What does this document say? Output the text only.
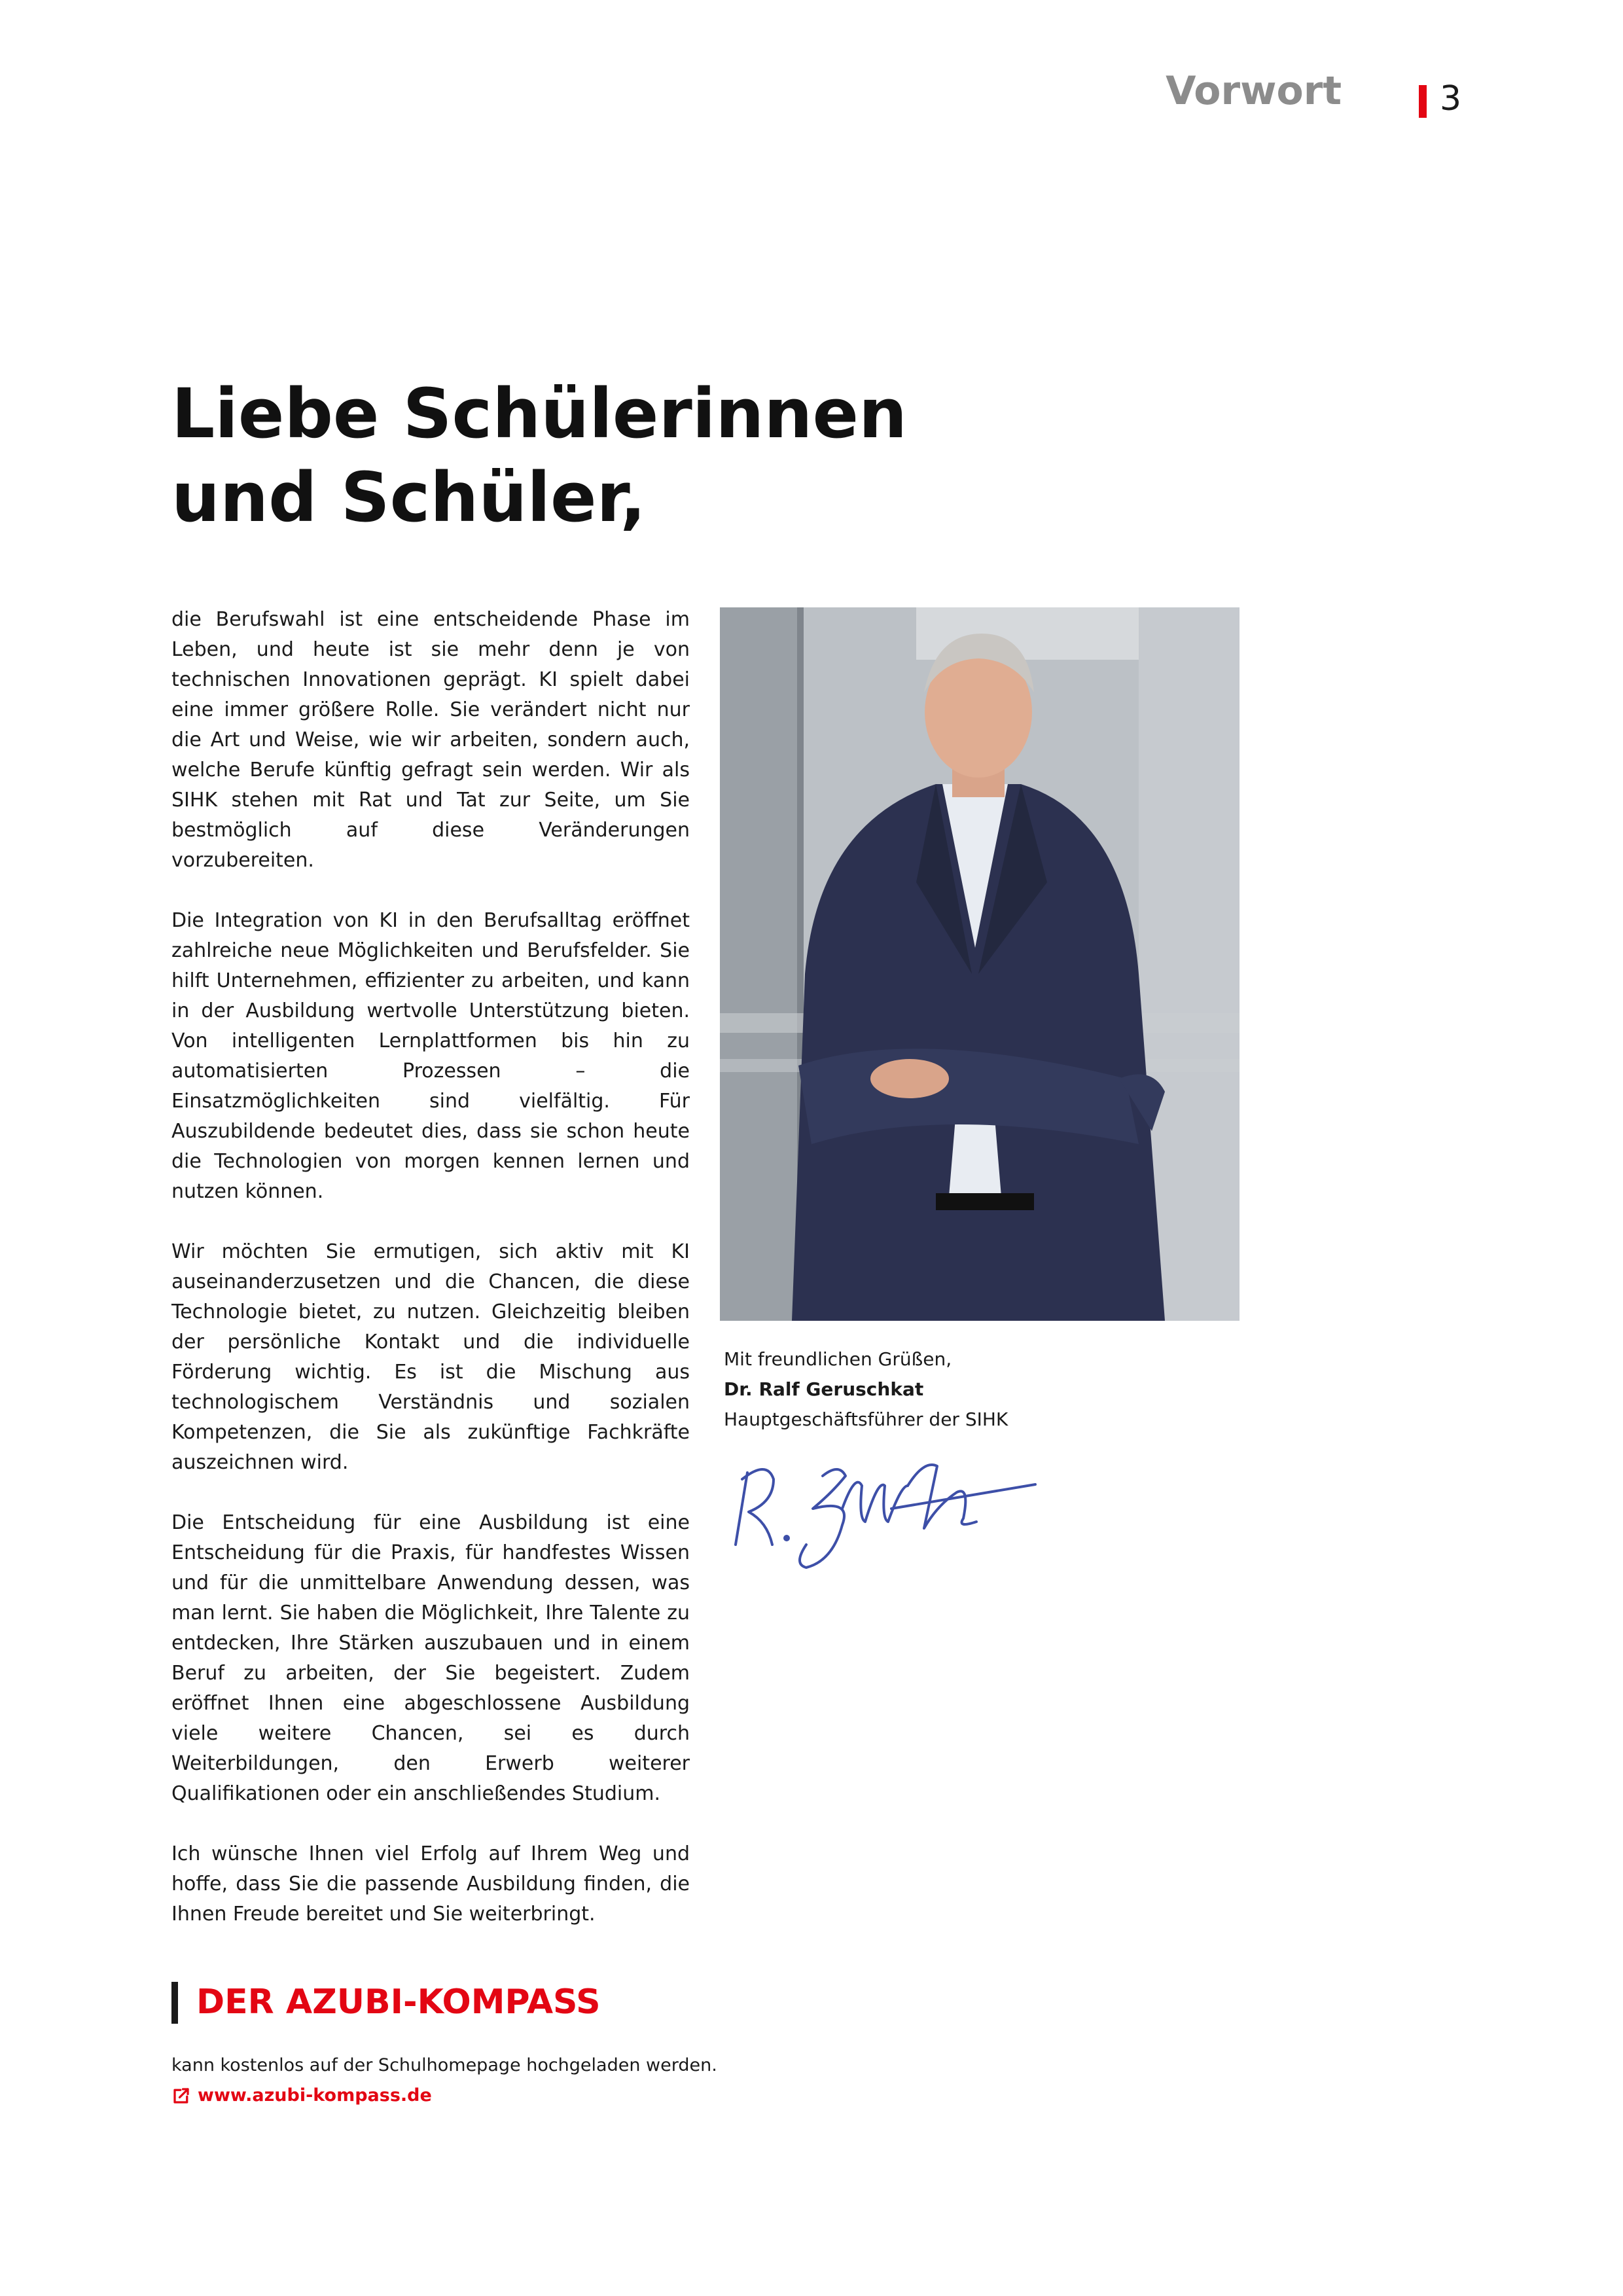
Vorwort	3
Liebe Schülerinnen
und Schüler,

die Berufswahl ist eine entscheidende Phase im Leben, und heute ist sie mehr denn je von technischen Innovationen geprägt. KI spielt dabei eine immer größere Rolle. Sie verändert nicht nur die Art und Weise, wie wir arbeiten, sondern auch, welche Berufe künftig gefragt sein werden. Wir als SIHK stehen mit Rat und Tat zur Seite, um Sie bestmöglich auf diese Veränderungen vorzubereiten.

Die Integration von KI in den Berufsalltag eröffnet zahlreiche neue Möglichkeiten und Berufsfelder. Sie hilft Unternehmen, effizienter zu arbeiten, und kann in der Ausbildung wertvolle Unterstützung bieten. Von intelligenten Lernplattformen bis hin zu automatisierten Prozessen – die Einsatzmöglichkeiten sind vielfältig. Für Auszubildende bedeutet dies, dass sie schon heute die Technologien von morgen kennen lernen und nutzen können.

Wir möchten Sie ermutigen, sich aktiv mit KI auseinanderzusetzen und die Chancen, die diese Technologie bietet, zu nutzen. Gleichzeitig bleiben der persönliche Kontakt und die individuelle Förderung wichtig. Es ist die Mischung aus technologischem Verständnis und sozialen Kompetenzen, die Sie als zukünftige Fachkräfte auszeichnen wird.

Die Entscheidung für eine Ausbildung ist eine Entscheidung für die Praxis, für handfestes Wissen und für die unmittelbare Anwendung dessen, was man lernt. Sie haben die Möglichkeit, Ihre Talente zu entdecken, Ihre Stärken auszubauen und in einem Beruf zu arbeiten, der Sie begeistert. Zudem eröffnet Ihnen eine abgeschlossene Ausbildung viele weitere Chancen, sei es durch Weiterbildungen, den Erwerb weiterer Qualifikationen oder ein anschließendes Studium.

Ich wünsche Ihnen viel Erfolg auf Ihrem Weg und hoffe, dass Sie die passende Ausbildung finden, die Ihnen Freude bereitet und Sie weiterbringt.

Mit freundlichen Grüßen,
Dr. Ralf Geruschkat
Hauptgeschäftsführer der SIHK
DER AZUBI-KOMPASS
kann kostenlos auf der Schulhomepage hochgeladen werden.
www.azubi-kompass.de
